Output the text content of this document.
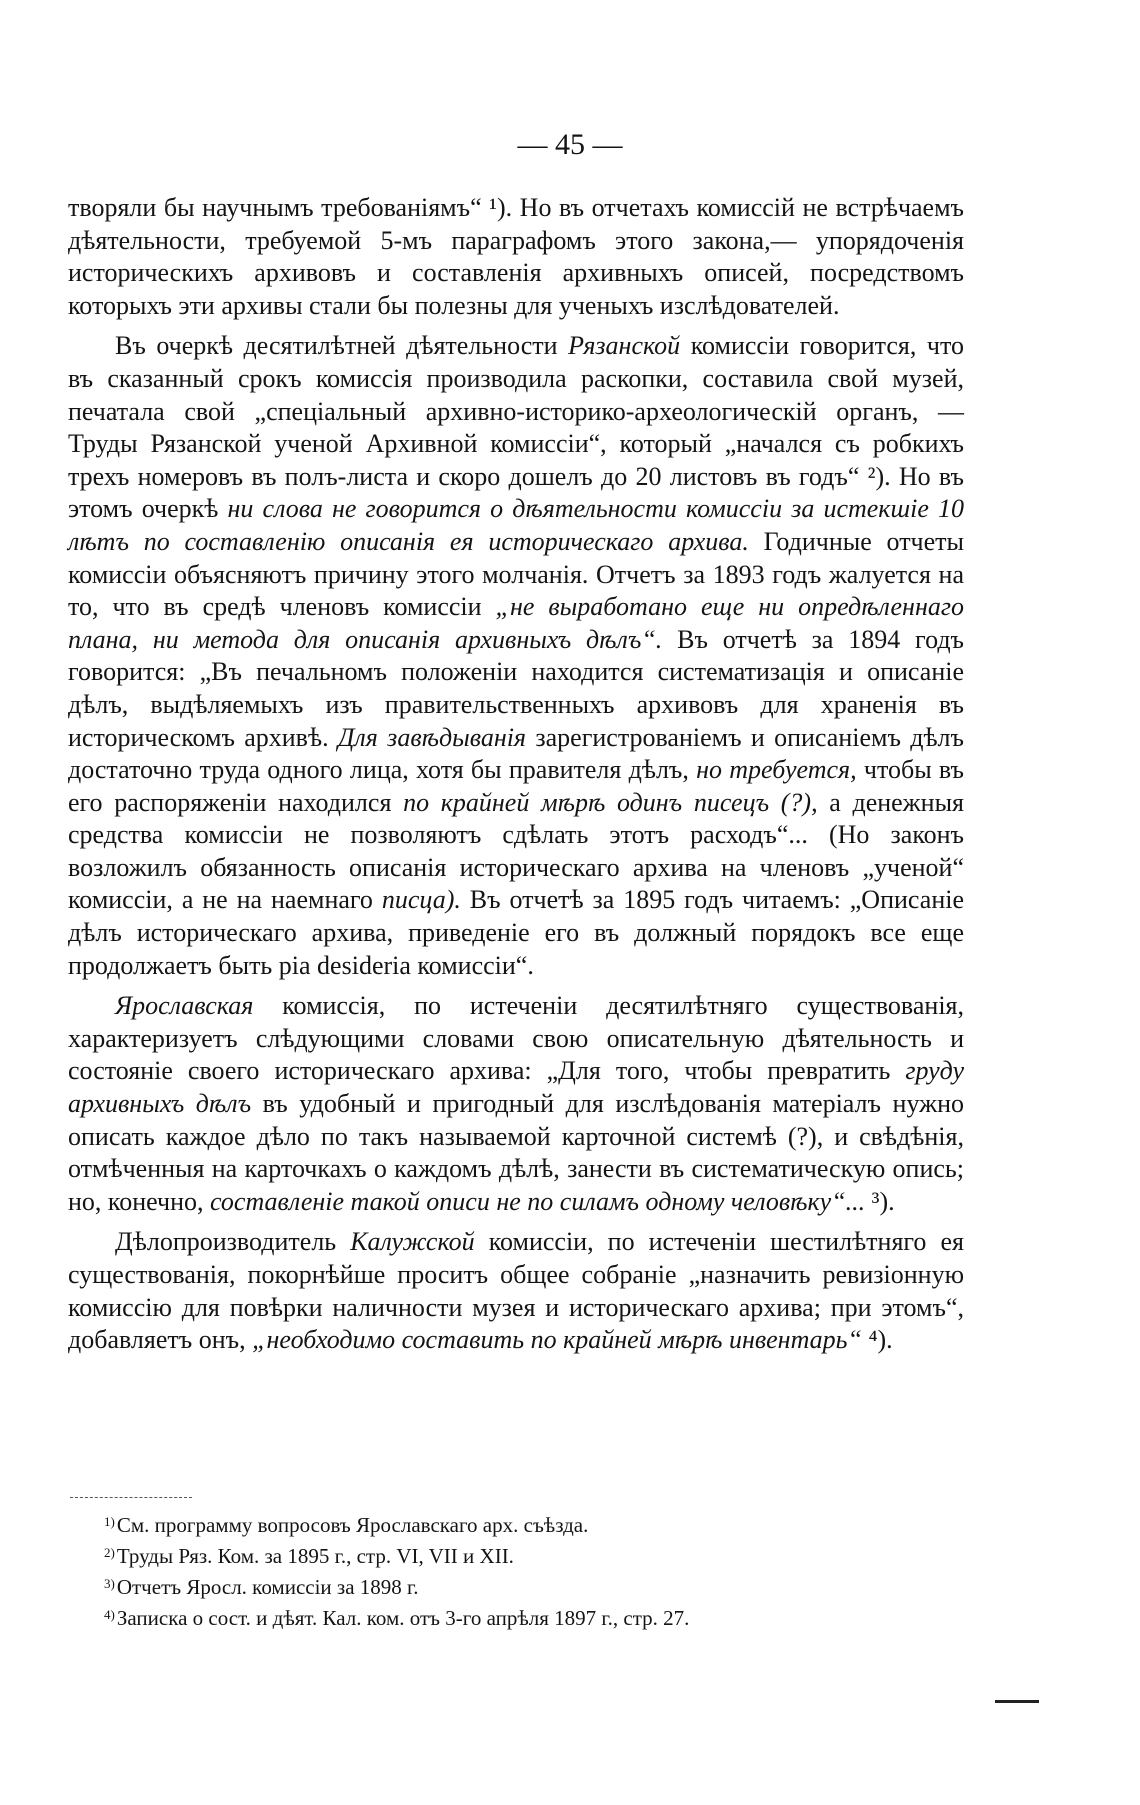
— 45 —

творяли бы научнымъ требованіямъ“ ¹). Но въ отчетахъ комиссій не встрѣчаемъ дѣятельности, требуемой 5-мъ параграфомъ этого закона,— упорядоченія историческихъ архивовъ и составленія архивныхъ описей, посредствомъ которыхъ эти архивы стали бы полезны для ученыхъ изслѣдователей.

Въ очеркѣ десятилѣтней дѣятельности Рязанской комиссіи говорится, что въ сказанный срокъ комиссія производила раскопки, составила свой музей, печатала свой „спеціальный архивно-историко-археологическій органъ, — Труды Рязанской ученой Архивной комиссіи“, который „начался съ робкихъ трехъ номеровъ въ полъ-листа и скоро дошелъ до 20 листовъ въ годъ“ ²). Но въ этомъ очеркѣ ни слова не говорится о дѣятельности комиссіи за истекшіе 10 лѣтъ по составленію описанія ея историческаго архива. Годичные отчеты комиссіи объясняютъ причину этого молчанія. Отчетъ за 1893 годъ жалуется на то, что въ средѣ членовъ комиссіи „не выработано еще ни опредѣленнаго плана, ни метода для описанія архивныхъ дѣлъ“. Въ отчетѣ за 1894 годъ говорится: „Въ печальномъ положеніи находится систематизація и описаніе дѣлъ, выдѣляемыхъ изъ правительственныхъ архивовъ для храненія въ историческомъ архивѣ. Для завѣдыванія зарегистрованіемъ и описаніемъ дѣлъ достаточно труда одного лица, хотя бы правителя дѣлъ, но требуется, чтобы въ его распоряженіи находился по крайней мѣрѣ одинъ писецъ (?), а денежныя средства комиссіи не позволяютъ сдѣлать этотъ расходъ“... (Но законъ возложилъ обязанность описанія историческаго архива на членовъ „ученой“ комиссіи, а не на наемнаго писца). Въ отчетѣ за 1895 годъ читаемъ: „Описаніе дѣлъ историческаго архива, приведеніе его въ должный порядокъ все еще продолжаетъ быть pia desideria комиссіи“.

Ярославская комиссія, по истеченіи десятилѣтняго существованія, характеризуетъ слѣдующими словами свою описательную дѣятельность и состояніе своего историческаго архива: „Для того, чтобы превратить груду архивныхъ дѣлъ въ удобный и пригодный для изслѣдованія матеріалъ нужно описать каждое дѣло по такъ называемой карточной системѣ (?), и свѣдѣнія, отмѣченныя на карточкахъ о каждомъ дѣлѣ, занести въ систематическую опись; но, конечно, составленіе такой описи не по силамъ одному человѣку“... ³).

Дѣлопроизводитель Калужской комиссіи, по истеченіи шестилѣтняго ея существованія, покорнѣйше проситъ общее собраніе „назначить ревизіонную комиссію для повѣрки наличности музея и историческаго архива; при этомъ“, добавляетъ онъ, „необходимо составить по крайней мѣрѣ инвентарь“ ⁴).

$^{1)}$См. программу вопросовъ Ярославскаго арх. съѣзда.

$^{2)}$Труды Ряз. Ком. за 1895 г., стр. VI, VII и XII.

$^{3)}$Отчетъ Яросл. комиссіи за 1898 г.

$^{4)}$Записка о сост. и дѣят. Кал. ком. отъ 3-го апрѣля 1897 г., стр. 27.
